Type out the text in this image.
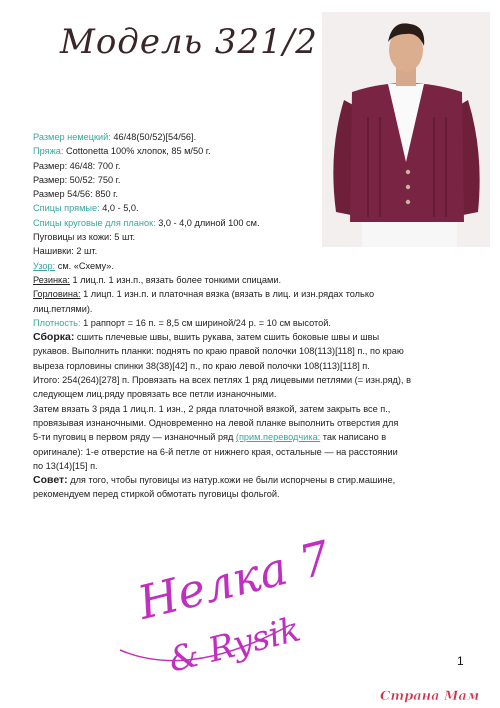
Модель 321/2
Размер немецкий: 46/48(50/52)[54/56].
Пряжа: Cottonetta 100% хлопок, 85 м/50 г.
Размер: 46/48: 700 г.
Размер: 50/52: 750 г.
Размер 54/56: 850 г.
Спицы прямые: 4,0 - 5,0.
Спицы круговые для планок: 3,0 - 4,0 длиной 100 см.
Пуговицы из кожи: 5 шт.
Нашивки: 2 шт.
Узор: см. «Схему».
Резинка: 1 лиц.п. 1 изн.п., вязать более тонкими спицами.
Горловина: 1 лицп. 1 изн.п. и платочная вязка (вязать в лиц. и изн.рядах только
лиц.петлями).
Плотность: 1 раппорт = 16 п. = 8,5 см шириной/24 р. = 10 см высотой.
Сборка: сшить плечевые швы, вшить рукава, затем сшить боковые швы и швы
рукавов. Выполнить планки: поднять по краю правой полочки 108(113)[118] п., по краю
выреза горловины спинки 38(38)[42] п., по краю левой полочки 108(113)[118] п.
Итого: 254(264)[278] п. Провязать на всех петлях 1 ряд лицевыми петлями (= изн.ряд), в
следующем лиц.ряду провязать все петли изнаночными.
Затем вязать 3 ряда 1 лиц.п. 1 изн., 2 ряда платочной вязкой, затем закрыть все п.,
провязывая изнаночными. Одновременно на левой планке выполнить отверстия для
5-ти пуговиц в первом ряду — изнаночный ряд (прим.переводчика: так написано в
оригинале): 1-е отверстие на 6-й петле от нижнего края, остальные — на расстоянии
по 13(14)[15] п.
Совет: для того, чтобы пуговицы из натур.кожи не были испорчены в стир.машине,
рекомендуем перед стиркой обмотать пуговицы фольгой.
Нелка 7
& Rysik	1
Страна Мам
